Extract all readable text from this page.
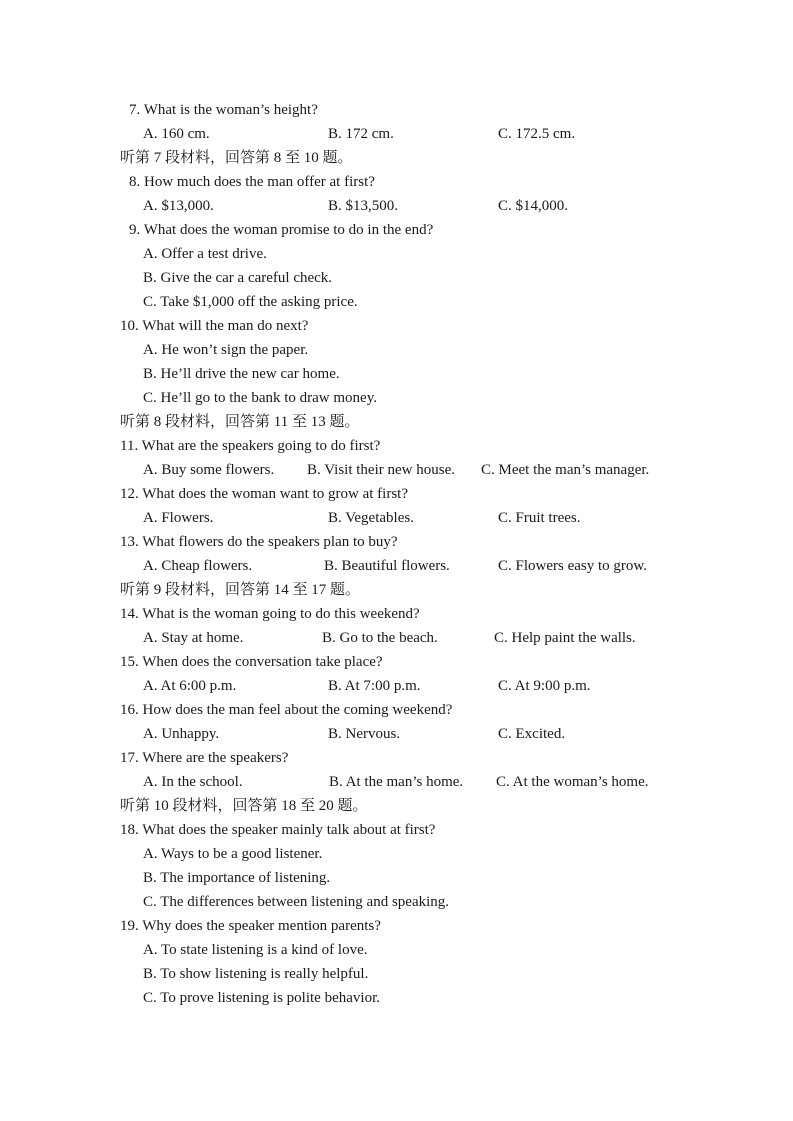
7. What is the woman’s height?
A. 160 cm.	B. 172 cm.	C. 172.5 cm.
听第 7 段材料，回答第 8 至 10 题。
8. How much does the man offer at first?
A. $13,000.	B. $13,500.	C. $14,000.
9. What does the woman promise to do in the end?
A. Offer a test drive.
B. Give the car a careful check.
C. Take $1,000 off the asking price.
10. What will the man do next?
A. He won’t sign the paper.
B. He’ll drive the new car home.
C. He’ll go to the bank to draw money.
听第 8 段材料，回答第 11 至 13 题。
11. What are the speakers going to do first?
A. Buy some flowers. B. Visit their new house. C. Meet the man’s manager.
12. What does the woman want to grow at first?
A. Flowers.	B. Vegetables.	C. Fruit trees.
13. What flowers do the speakers plan to buy?
A. Cheap flowers.	B. Beautiful flowers.	C. Flowers easy to grow.
听第 9 段材料，回答第 14 至 17 题。
14. What is the woman going to do this weekend?
A. Stay at home.	B. Go to the beach.	C. Help paint the walls.
15. When does the conversation take place?
A. At 6:00 p.m.	B. At 7:00 p.m.	C. At 9:00 p.m.
16. How does the man feel about the coming weekend?
A. Unhappy.	B. Nervous.	C. Excited.
17. Where are the speakers?
A. In the school.	B. At the man’s home. C. At the woman’s home.
听第 10 段材料，回答第 18 至 20 题。
18. What does the speaker mainly talk about at first?
A. Ways to be a good listener.
B. The importance of listening.
C. The differences between listening and speaking.
19. Why does the speaker mention parents?
A. To state listening is a kind of love.
B. To show listening is really helpful.
C. To prove listening is polite behavior.
